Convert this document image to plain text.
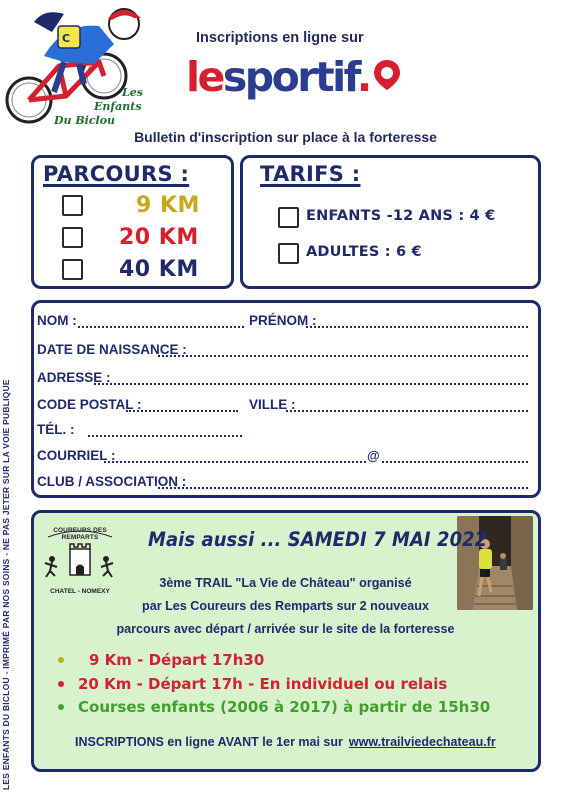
C
Les
Enfants
Du Biclou
Inscriptions en ligne sur
lesportif.
Bulletin d'inscription sur place à la forteresse
PARCOURS :
9 KM
20 KM
40 KM
TARIFS :
ENFANTS -12 ANS : 4 €
ADULTES : 6 €
NOM :	PRÉNOM :
DATE DE NAISSANCE :
ADRESSE :
CODE POSTAL :	VILLE :
TÉL. :
COURRIEL :	@
CLUB / ASSOCIATION :
LES ENFANTS DU BICLOU - IMPRIMÉ PAR NOS SOINS - NE PAS JETER SUR LA VOIE PUBLIQUE	COUREURS DES REMPARTS
CHATEL - NOMEXY
Mais aussi ... SAMEDI 7 MAI 2022
3ème TRAIL "La Vie de Château" organisé
par Les Coureurs des Remparts sur 2 nouveaux
parcours avec départ / arrivée sur le site de la forteresse
9 Km - Départ 17h30
20 Km - Départ 17h - En individuel ou relais
Courses enfants (2006 à 2017) à partir de 15h30
INSCRIPTIONS en ligne AVANT le 1er mai sur www.trailviedechateau.fr
